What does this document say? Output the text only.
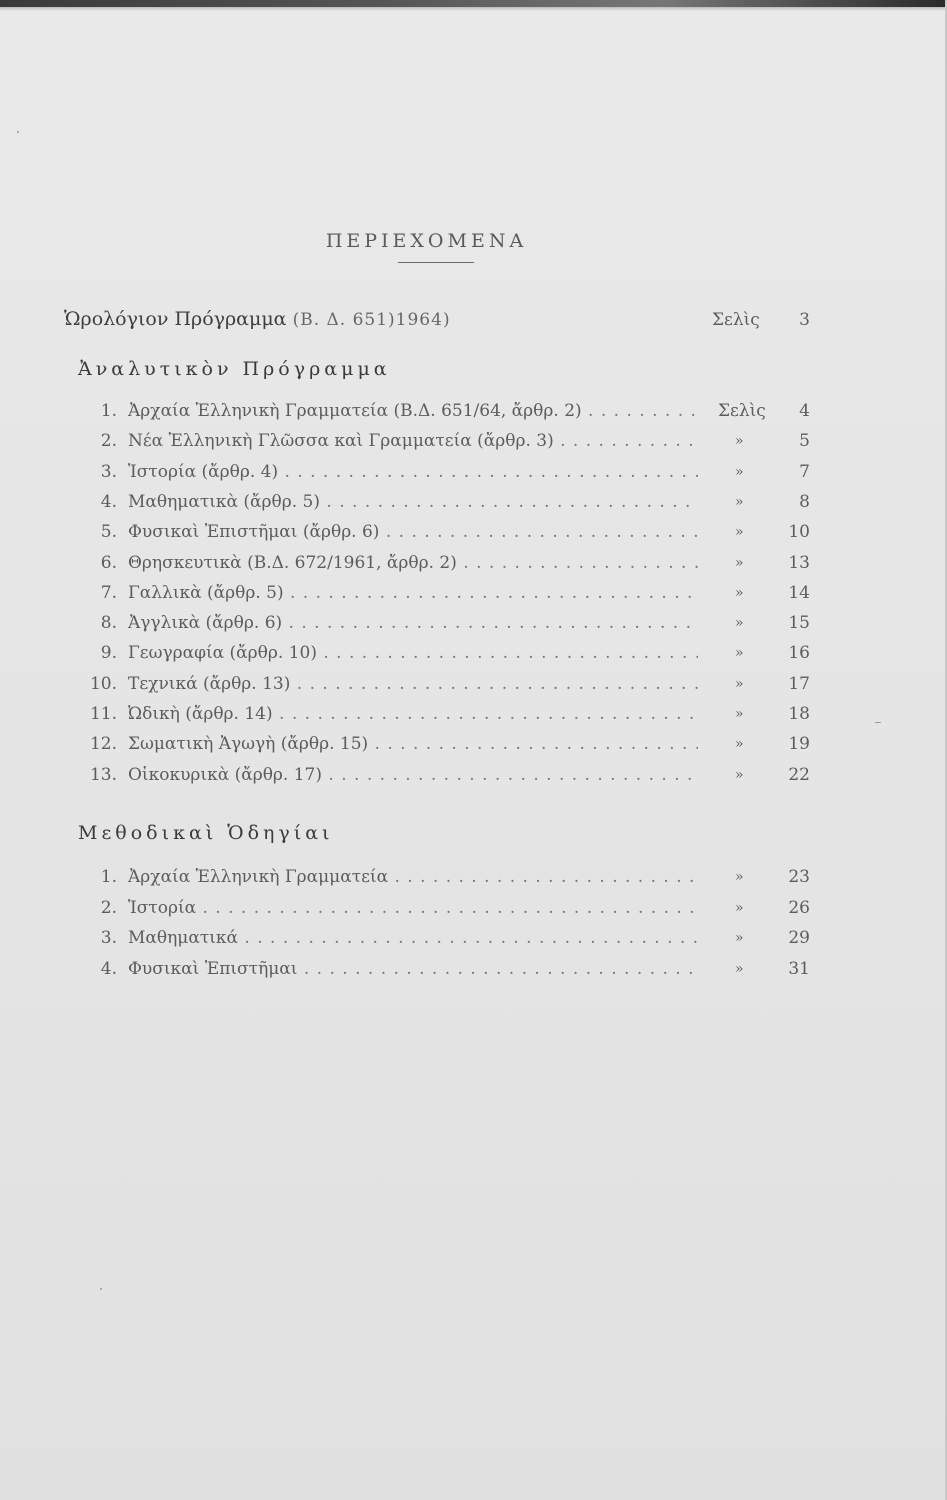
ΠΕΡΙΕΧΟΜΕΝΑ
Ὡρολόγιον Πρόγραμμα (Β. Δ. 651)1964)	Σελὶς 3
Ἀναλυτικὸν Πρόγραμμα
1. Ἀρχαία Ἑλληνικὴ Γραμματεία (Β.Δ. 651/64, ἄρθρ. 2) . . .	Σελὶς 4
2. Νέα Ἑλληνικὴ Γλῶσσα καὶ Γραμματεία (ἄρθρ. 3) . . .	»	5
3. Ἱστορία (ἄρθρ. 4) . . .	»	7
4. Μαθηματικὰ (ἄρθρ. 5) . . .	»	8
5. Φυσικαὶ Ἐπιστῆμαι (ἄρθρ. 6) . . .	»	10
6. Θρησκευτικὰ (Β.Δ. 672/1961, ἄρθρ. 2) . . .	»	13
7. Γαλλικὰ (ἄρθρ. 5) . . .	»	14
8. Ἀγγλικὰ (ἄρθρ. 6) . . .	»	15
9. Γεωγραφία (ἄρθρ. 10) . . .	»	16
10. Τεχνικά (ἄρθρ. 13) . . .	»	17
11. Ὠδικὴ (ἄρθρ. 14) . . .	»	18
12. Σωματικὴ Ἀγωγὴ (ἄρθρ. 15) . . .	»	19
13. Οἰκοκυρικὰ (ἄρθρ. 17) . . .	»	22
Μεθοδικαὶ Ὁδηγίαι
1. Ἀρχαία Ἑλληνικὴ Γραμματεία . . .	»	23
2. Ἱστορία . . .	»	26
3. Μαθηματικά . . .	»	29
4. Φυσικαὶ Ἐπιστῆμαι . . .	»	31
